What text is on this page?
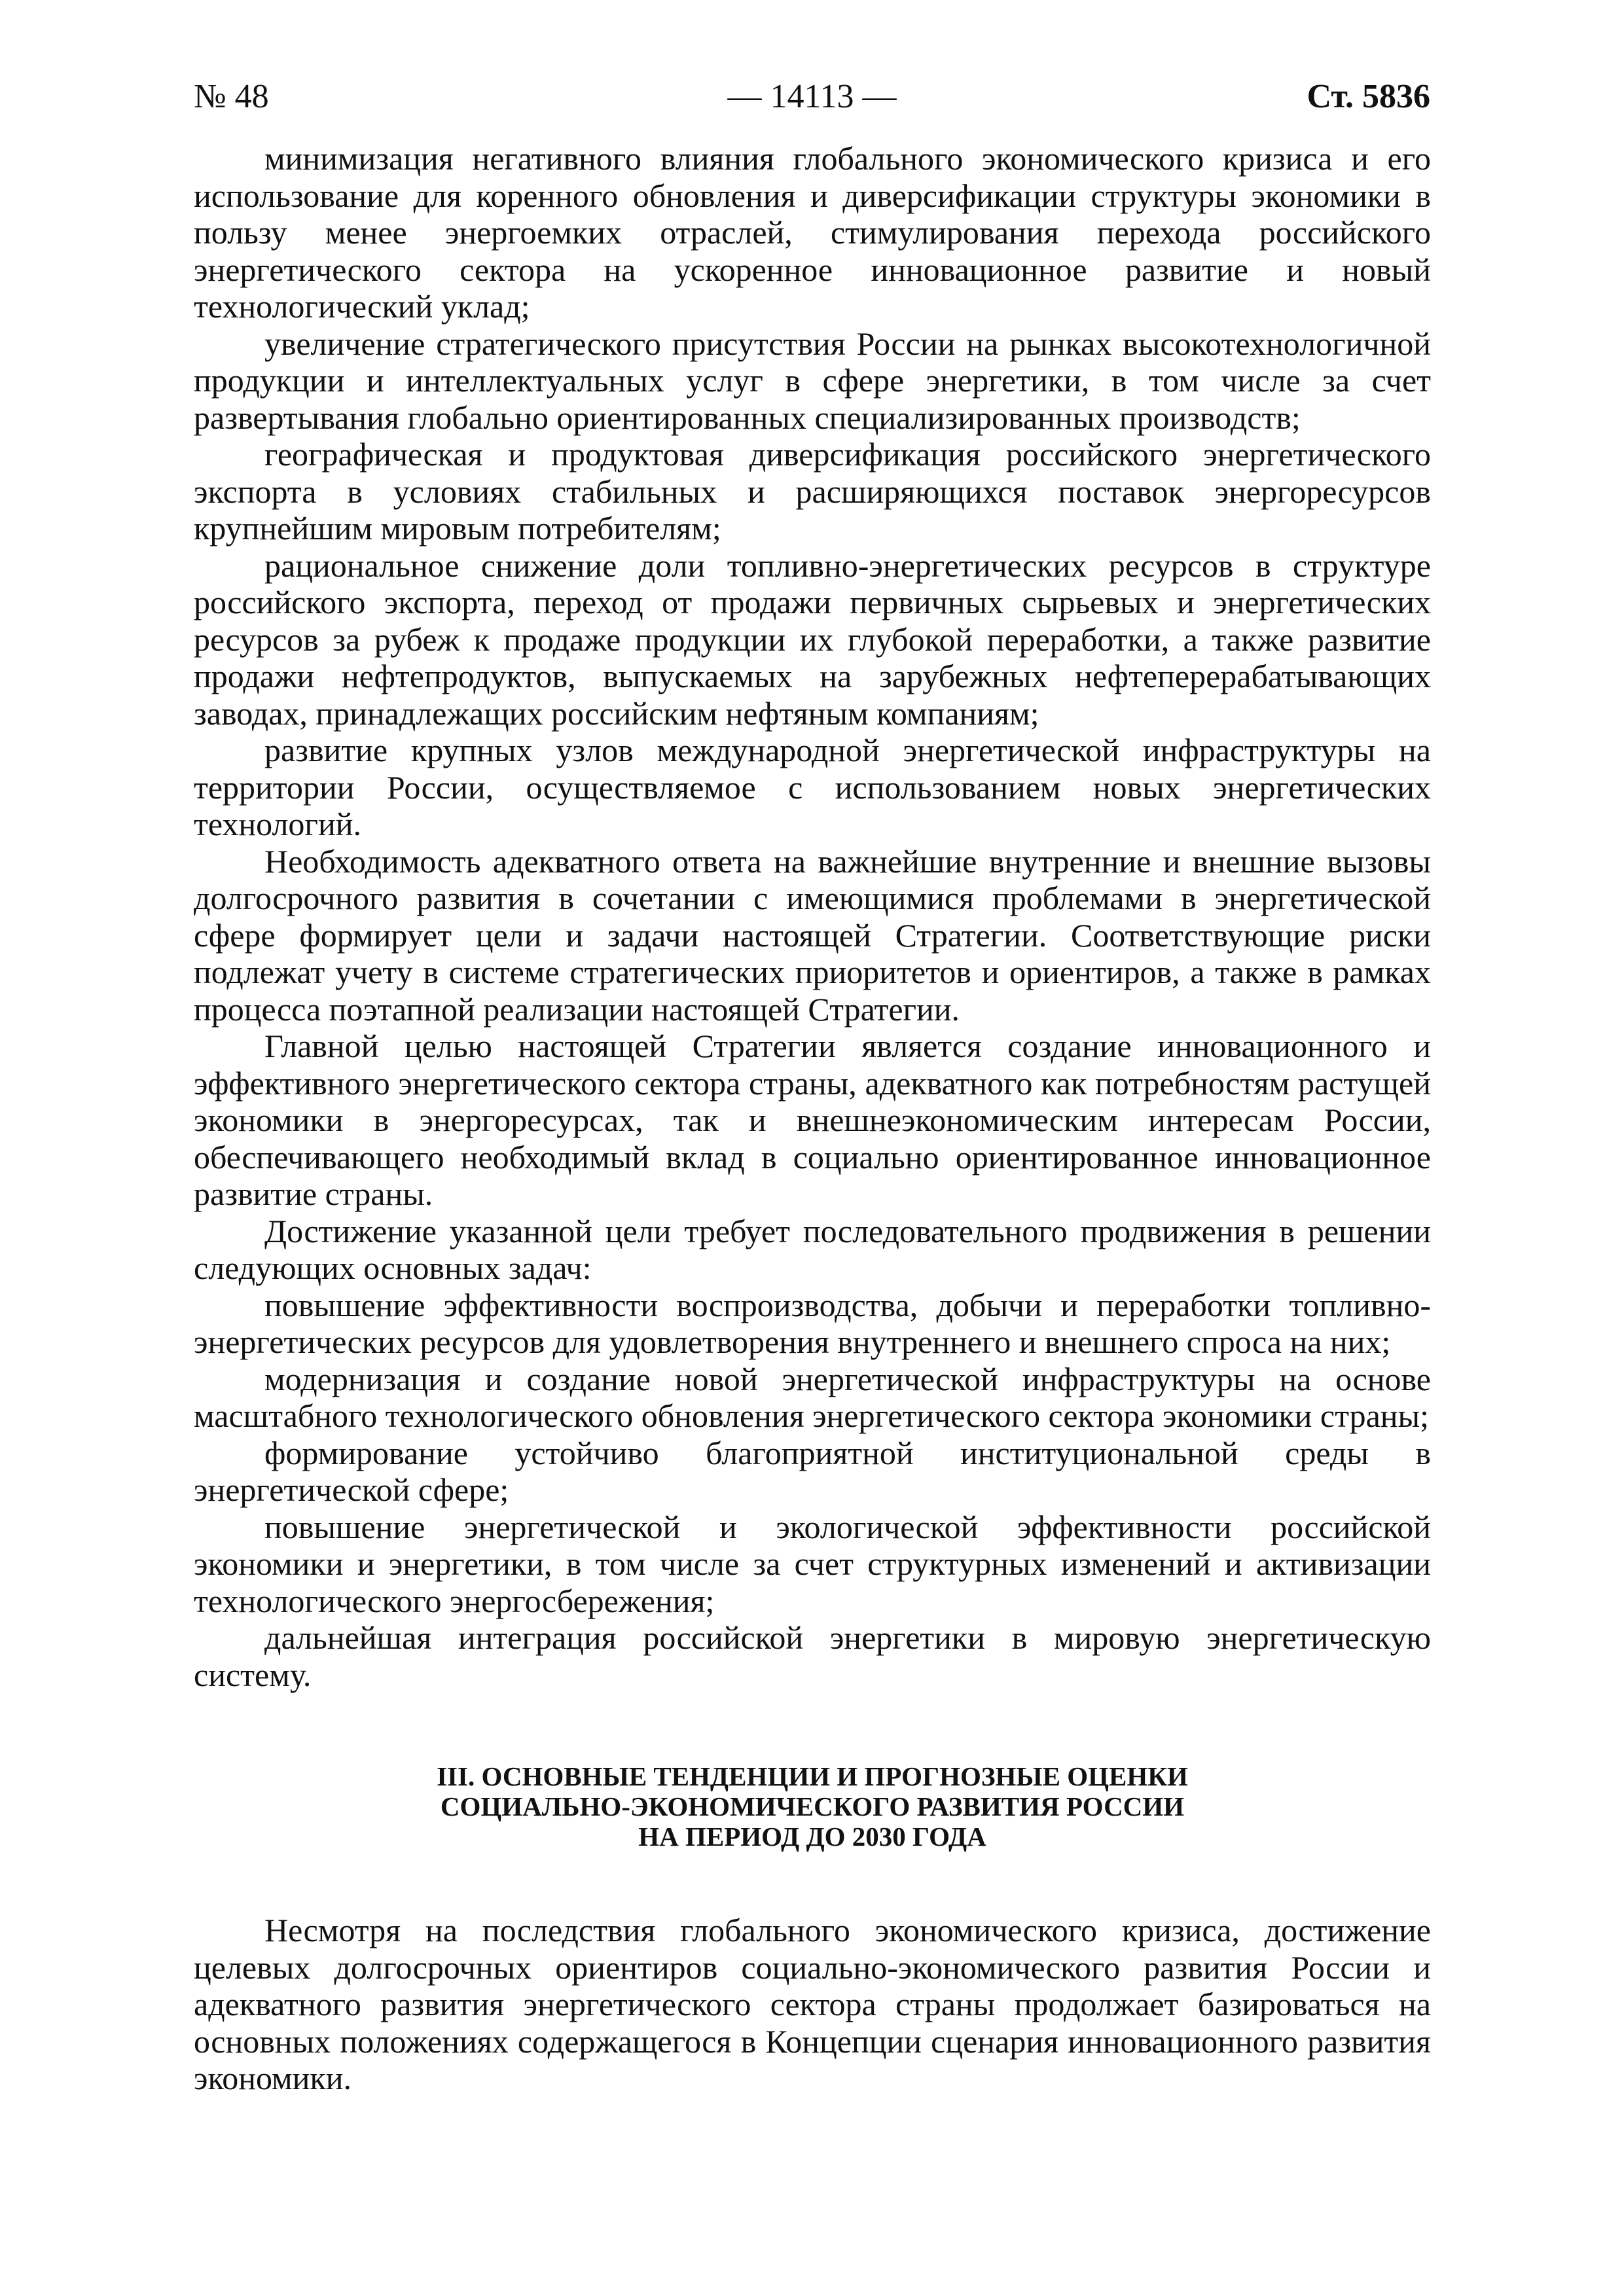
№ 48	— 14113 —	Ст. 5836

минимизация негативного влияния глобального экономического кризиса и его использование для коренного обновления и диверсификации структуры экономики в пользу менее энергоемких отраслей, стимулирования перехода российского энергетического сектора на ускоренное инновационное развитие и новый технологический уклад;

увеличение стратегического присутствия России на рынках высокотехнологичной продукции и интеллектуальных услуг в сфере энергетики, в том числе за счет развертывания глобально ориентированных специализированных производств;

географическая и продуктовая диверсификация российского энергетического экспорта в условиях стабильных и расширяющихся поставок энергоресурсов крупнейшим мировым потребителям;

рациональное снижение доли топливно-энергетических ресурсов в структуре российского экспорта, переход от продажи первичных сырьевых и энергетических ресурсов за рубеж к продаже продукции их глубокой переработки, а также развитие продажи нефтепродуктов, выпускаемых на зарубежных нефтеперерабатывающих заводах, принадлежащих российским нефтяным компаниям;

развитие крупных узлов международной энергетической инфраструктуры на территории России, осуществляемое с использованием новых энергетических технологий.

Необходимость адекватного ответа на важнейшие внутренние и внешние вызовы долгосрочного развития в сочетании с имеющимися проблемами в энергетической сфере формирует цели и задачи настоящей Стратегии. Соответствующие риски подлежат учету в системе стратегических приоритетов и ориентиров, а также в рамках процесса поэтапной реализации настоящей Стратегии.

Главной целью настоящей Стратегии является создание инновационного и эффективного энергетического сектора страны, адекватного как потребностям растущей экономики в энергоресурсах, так и внешнеэкономическим интересам России, обеспечивающего необходимый вклад в социально ориентированное инновационное развитие страны.

Достижение указанной цели требует последовательного продвижения в решении следующих основных задач:

повышение эффективности воспроизводства, добычи и переработки топливно-энергетических ресурсов для удовлетворения внутреннего и внешнего спроса на них;

модернизация и создание новой энергетической инфраструктуры на основе масштабного технологического обновления энергетического сектора экономики страны;

формирование устойчиво благоприятной институциональной среды в энергетической сфере;

повышение энергетической и экологической эффективности российской экономики и энергетики, в том числе за счет структурных изменений и активизации технологического энергосбережения;

дальнейшая интеграция российской энергетики в мировую энергетическую систему.

III. ОСНОВНЫЕ ТЕНДЕНЦИИ И ПРОГНОЗНЫЕ ОЦЕНКИ
СОЦИАЛЬНО-ЭКОНОМИЧЕСКОГО РАЗВИТИЯ РОССИИ
НА ПЕРИОД ДО 2030 ГОДА

Несмотря на последствия глобального экономического кризиса, достижение целевых долгосрочных ориентиров социально-экономического развития России и адекватного развития энергетического сектора страны продолжает базироваться на основных положениях содержащегося в Концепции сценария инновационного развития экономики.
